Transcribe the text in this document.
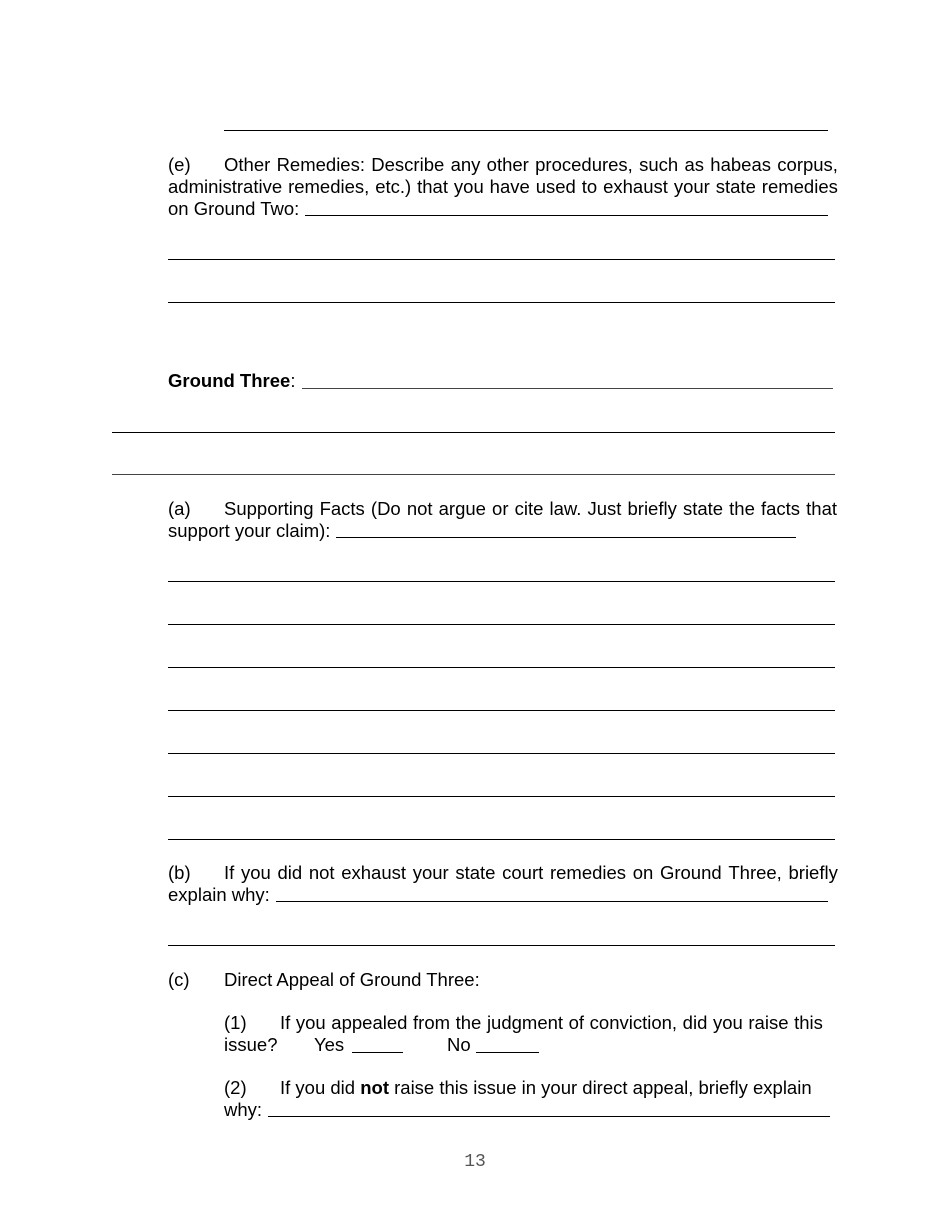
(e) Other Remedies: Describe any other procedures, such as habeas corpus,
administrative remedies, etc.) that you have used to exhaust your state remedies
on Ground Two:
Ground Three:
(a) Supporting Facts (Do not argue or cite law. Just briefly state the facts that
support your claim):
(b) If you did not exhaust your state court remedies on Ground Three, briefly
explain why:
(c) Direct Appeal of Ground Three:
(1) If you appealed from the judgment of conviction, did you raise this
issue? Yes	No
(2) If you did not raise this issue in your direct appeal, briefly explain
why:
13
